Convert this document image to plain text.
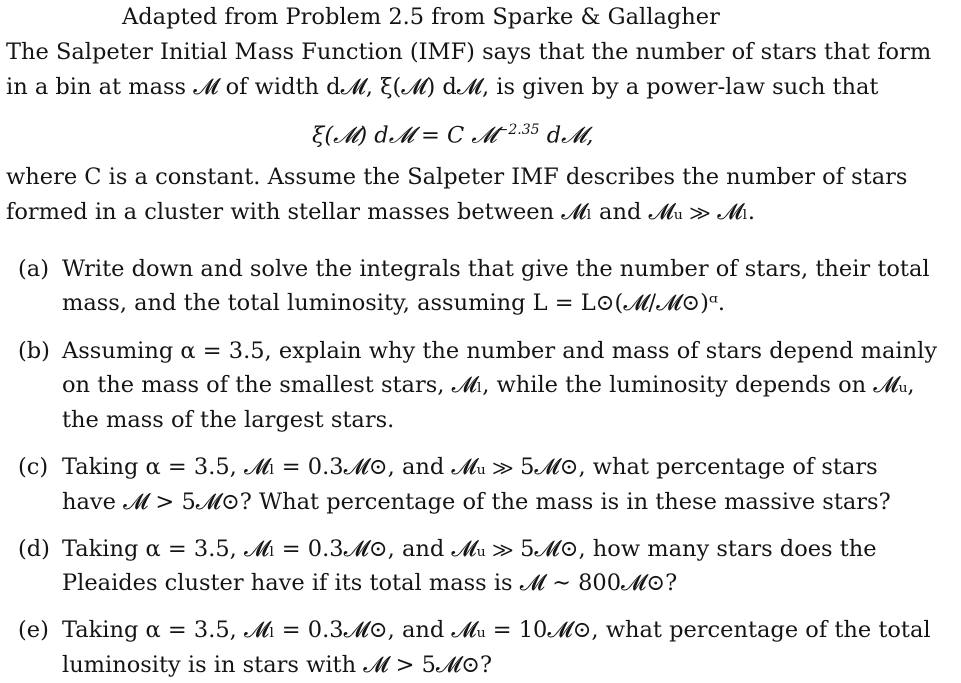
Adapted from Problem 2.5 from Sparke & Gallagher
The Salpeter Initial Mass Function (IMF) says that the number of stars that form
in a bin at mass 𝓜 of width d𝓜, ξ(𝓜) d𝓜, is given by a power-law such that
ξ(𝓜) d𝓜 = C 𝓜$^{-2.35}$ d𝓜,
where C is a constant. Assume the Salpeter IMF describes the number of stars
formed in a cluster with stellar masses between 𝓜ₗ and 𝓜ᵤ ≫ 𝓜ₗ.
(a) Write down and solve the integrals that give the number of stars, their total
mass, and the total luminosity, assuming L = L⊙(𝓜/𝓜⊙)ᵅ.
(b) Assuming α = 3.5, explain why the number and mass of stars depend mainly
on the mass of the smallest stars, 𝓜ₗ, while the luminosity depends on 𝓜ᵤ,
the mass of the largest stars.
(c) Taking α = 3.5, 𝓜ₗ = 0.3𝓜⊙, and 𝓜ᵤ ≫ 5𝓜⊙, what percentage of stars
have 𝓜 > 5𝓜⊙? What percentage of the mass is in these massive stars?
(d) Taking α = 3.5, 𝓜ₗ = 0.3𝓜⊙, and 𝓜ᵤ ≫ 5𝓜⊙, how many stars does the
Pleaides cluster have if its total mass is 𝓜 ∼ 800𝓜⊙?
(e) Taking α = 3.5, 𝓜ₗ = 0.3𝓜⊙, and 𝓜ᵤ = 10𝓜⊙, what percentage of the total
luminosity is in stars with 𝓜 > 5𝓜⊙?
